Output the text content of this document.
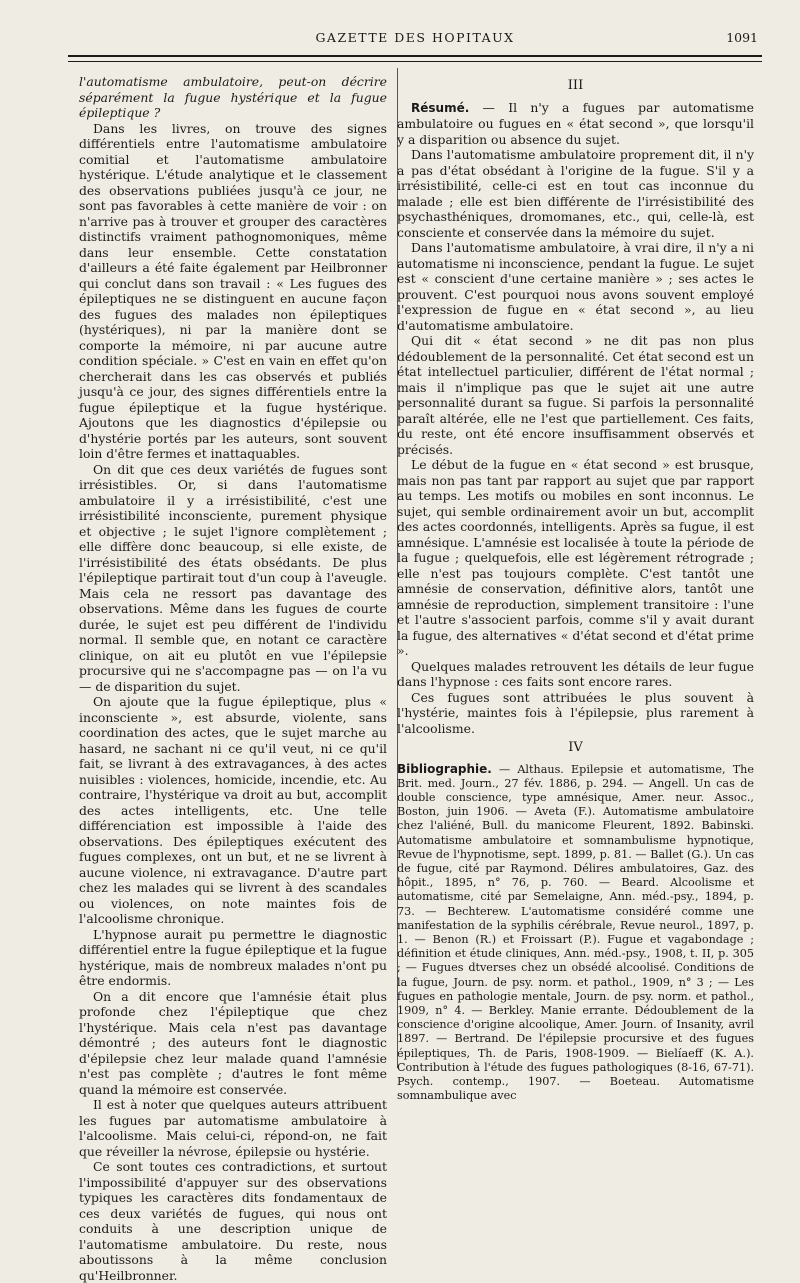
GAZETTE DES HOPITAUX	1091

l'automatisme ambulatoire, peut-on décrire séparément la fugue hystérique et la fugue épileptique ?

Dans les livres, on trouve des signes différentiels entre l'automatisme ambulatoire comitial et l'automatisme ambulatoire hystérique. L'étude analytique et le classement des observations publiées jusqu'à ce jour, ne sont pas favorables à cette manière de voir : on n'arrive pas à trouver et grouper des caractères distinctifs vraiment pathognomoniques, même dans leur ensemble. Cette constatation d'ailleurs a été faite également par Heilbronner qui conclut dans son travail : « Les fugues des épileptiques ne se distinguent en aucune façon des fugues des malades non épileptiques (hystériques), ni par la manière dont se comporte la mémoire, ni par aucune autre condition spéciale. » C'est en vain en effet qu'on chercherait dans les cas observés et publiés jusqu'à ce jour, des signes différentiels entre la fugue épileptique et la fugue hystérique. Ajoutons que les diagnostics d'épilepsie ou d'hystérie portés par les auteurs, sont souvent loin d'être fermes et inattaquables.

On dit que ces deux variétés de fugues sont irrésistibles. Or, si dans l'automatisme ambulatoire il y a irrésistibilité, c'est une irrésistibilité inconsciente, purement physique et objective ; le sujet l'ignore complètement ; elle diffère donc beaucoup, si elle existe, de l'irrésistibilité des états obsédants. De plus l'épileptique partirait tout d'un coup à l'aveugle. Mais cela ne ressort pas davantage des observations. Même dans les fugues de courte durée, le sujet est peu différent de l'individu normal. Il semble que, en notant ce caractère clinique, on ait eu plutôt en vue l'épilepsie procursive qui ne s'accompagne pas — on l'a vu — de disparition du sujet.

On ajoute que la fugue épileptique, plus « inconsciente », est absurde, violente, sans coordination des actes, que le sujet marche au hasard, ne sachant ni ce qu'il veut, ni ce qu'il fait, se livrant à des extravagances, à des actes nuisibles : violences, homicide, incendie, etc. Au contraire, l'hystérique va droit au but, accomplit des actes intelligents, etc. Une telle différenciation est impossible à l'aide des observations. Des épileptiques exécutent des fugues complexes, ont un but, et ne se livrent à aucune violence, ni extravagance. D'autre part chez les malades qui se livrent à des scandales ou violences, on note maintes fois de l'alcoolisme chronique.

L'hypnose aurait pu permettre le diagnostic différentiel entre la fugue épileptique et la fugue hystérique, mais de nombreux malades n'ont pu être endormis.

On a dit encore que l'amnésie était plus profonde chez l'épileptique que chez l'hystérique. Mais cela n'est pas davantage démontré ; des auteurs font le diagnostic d'épilepsie chez leur malade quand l'amnésie n'est pas complète ; d'autres le font même quand la mémoire est conservée.

Il est à noter que quelques auteurs attribuent les fugues par automatisme ambulatoire à l'alcoolisme. Mais celui-ci, répond-on, ne fait que réveiller la névrose, épilepsie ou hystérie.

Ce sont toutes ces contradictions, et surtout l'impossibilité d'appuyer sur des observations typiques les caractères dits fondamentaux de ces deux variétés de fugues, qui nous ont conduits à une description unique de l'automatisme ambulatoire. Du reste, nous aboutissons à la même conclusion qu'Heilbronner.

III

Résumé. — Il n'y a fugues par automatisme ambulatoire ou fugues en « état second », que lorsqu'il y a disparition ou absence du sujet.

Dans l'automatisme ambulatoire proprement dit, il n'y a pas d'état obsédant à l'origine de la fugue. S'il y a irrésistibilité, celle-ci est en tout cas inconnue du malade ; elle est bien différente de l'irrésistibilité des psychasthéniques, dromomanes, etc., qui, celle-là, est consciente et conservée dans la mémoire du sujet.

Dans l'automatisme ambulatoire, à vrai dire, il n'y a ni automatisme ni inconscience, pendant la fugue. Le sujet est « conscient d'une certaine manière » ; ses actes le prouvent. C'est pourquoi nous avons souvent employé l'expression de fugue en « état second », au lieu d'automatisme ambulatoire.

Qui dit « état second » ne dit pas non plus dédoublement de la personnalité. Cet état second est un état intellectuel particulier, différent de l'état normal ; mais il n'implique pas que le sujet ait une autre personnalité durant sa fugue. Si parfois la personnalité paraît altérée, elle ne l'est que partiellement. Ces faits, du reste, ont été encore insuffisamment observés et précisés.

Le début de la fugue en « état second » est brusque, mais non pas tant par rapport au sujet que par rapport au temps. Les motifs ou mobiles en sont inconnus. Le sujet, qui semble ordinairement avoir un but, accomplit des actes coordonnés, intelligents. Après sa fugue, il est amnésique. L'amnésie est localisée à toute la période de la fugue ; quelquefois, elle est légèrement rétrograde ; elle n'est pas toujours complète. C'est tantôt une amnésie de conservation, définitive alors, tantôt une amnésie de reproduction, simplement transitoire : l'une et l'autre s'associent parfois, comme s'il y avait durant la fugue, des alternatives « d'état second et d'état prime ».

Quelques malades retrouvent les détails de leur fugue dans l'hypnose : ces faits sont encore rares.

Ces fugues sont attribuées le plus souvent à l'hystérie, maintes fois à l'épilepsie, plus rarement à l'alcoolisme.

IV

Bibliographie. — Althaus. Epilepsie et automatisme, The Brit. med. Journ., 27 fév. 1886, p. 294. — Angell. Un cas de double conscience, type amnésique, Amer. neur. Assoc., Boston, juin 1906. — Aveta (F.). Automatisme ambulatoire chez l'aliéné, Bull. du manicome Fleurent, 1892. Babinski. Automatisme ambulatoire et somnambulisme hypnotique, Revue de l'hypnotisme, sept. 1899, p. 81. — Ballet (G.). Un cas de fugue, cité par Raymond. Délires ambulatoires, Gaz. des hôpit., 1895, n° 76, p. 760. — Beard. Alcoolisme et automatisme, cité par Semelaigne, Ann. méd.-psy., 1894, p. 73. — Bechterew. L'automatisme considéré comme une manifestation de la syphilis cérébrale, Revue neurol., 1897, p. 1. — Benon (R.) et Froissart (P.). Fugue et vagabondage ; définition et étude cliniques, Ann. méd.-psy., 1908, t. II, p. 305 ; — Fugues dtverses chez un obsédé alcoolisé. Conditions de la fugue, Journ. de psy. norm. et pathol., 1909, n° 3 ; — Les fugues en pathologie mentale, Journ. de psy. norm. et pathol., 1909, n° 4. — Berkley. Manie errante. Dédoublement de la conscience d'origine alcoolique, Amer. Journ. of Insanity, avril 1897. — Bertrand. De l'épilepsie procursive et des fugues épileptiques, Th. de Paris, 1908-1909. — Bielíaeff (K. A.). Contribution à l'étude des fugues pathologiques (8-16, 67-71). Psych. contemp., 1907. — Boeteau. Automatisme somnambulique avec
